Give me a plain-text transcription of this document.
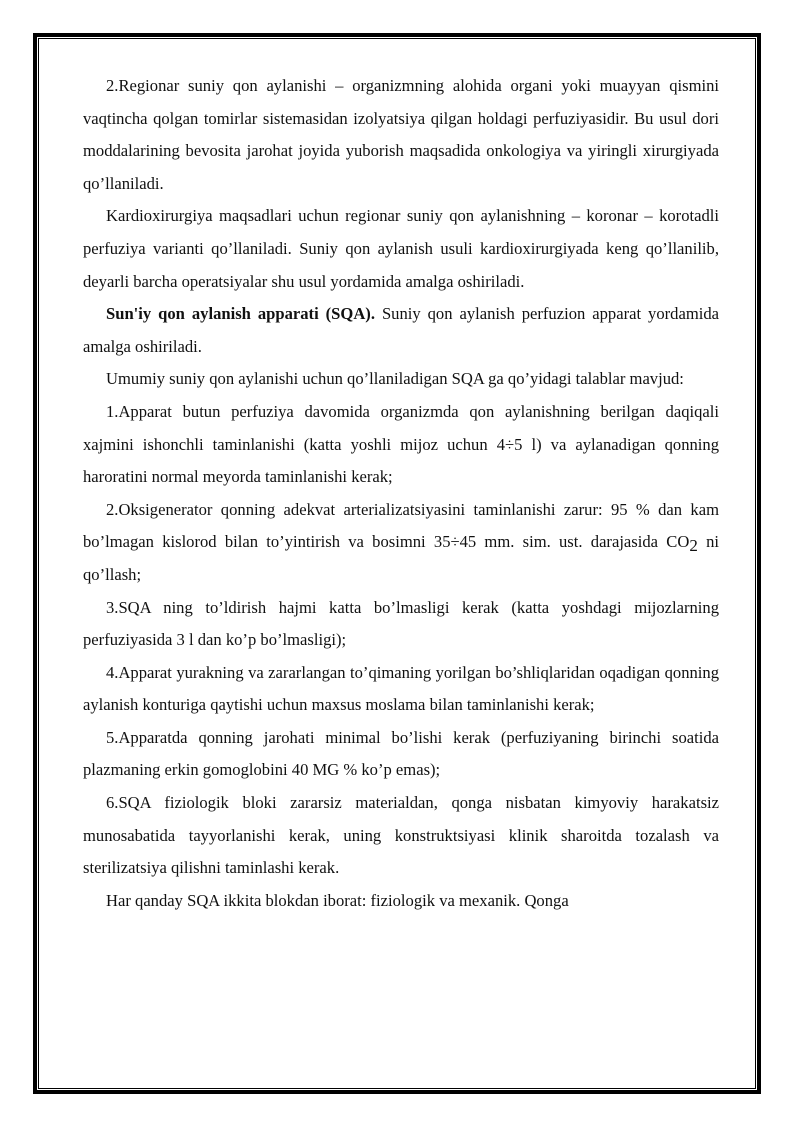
2.Regionar suniy qon aylanishi – organizmning alohida organi yoki muayyan qismini vaqtincha qolgan tomirlar sistemasidan izolyatsiya qilgan holdagi perfuziyasidir. Bu usul dori moddalarining bevosita jarohat joyida yuborish maqsadida onkologiya va yiringli xirurgiyada qo’llaniladi.

Kardioxirurgiya maqsadlari uchun regionar suniy qon aylanishning – koronar – korotadli perfuziya varianti qo’llaniladi. Suniy qon aylanish usuli kardioxirurgiyada keng qo’llanilib, deyarli barcha operatsiyalar shu usul yordamida amalga oshiriladi.

Sun'iy qon aylanish apparati (SQA). Suniy qon aylanish perfuzion apparat yordamida amalga oshiriladi.

Umumiy suniy qon aylanishi uchun qo’llaniladigan SQA ga qo’yidagi talablar mavjud:

1.Apparat butun perfuziya davomida organizmda qon aylanishning berilgan daqiqali xajmini ishonchli taminlanishi (katta yoshli mijoz uchun 4÷5 l) va aylanadigan qonning haroratini normal meyorda taminlanishi kerak;

2.Oksigenerator qonning adekvat arterializatsiyasini taminlanishi zarur: 95 % dan kam bo’lmagan kislorod bilan to’yintirish va bosimni 35÷45 mm. sim. ust. darajasida $CO_2$ ni qo’llash;

3.SQA ning to’ldirish hajmi katta bo’lmasligi kerak (katta yoshdagi mijozlarning perfuziyasida 3 l dan ko’p bo’lmasligi);

4.Apparat yurakning va zararlangan to’qimaning yorilgan bo’shliqlaridan oqadigan qonning aylanish konturiga qaytishi uchun maxsus moslama bilan taminlanishi kerak;

5.Apparatda qonning jarohati minimal bo’lishi kerak (perfuziyaning birinchi soatida plazmaning erkin gomoglobini 40 MG % ko’p emas);

6.SQA fiziologik bloki zararsiz materialdan, qonga nisbatan kimyoviy harakatsiz munosabatida tayyorlanishi kerak, uning konstruktsiyasi klinik sharoitda tozalash va sterilizatsiya qilishni taminlashi kerak.

Har qanday SQA ikkita blokdan iborat: fiziologik va mexanik. Qonga
